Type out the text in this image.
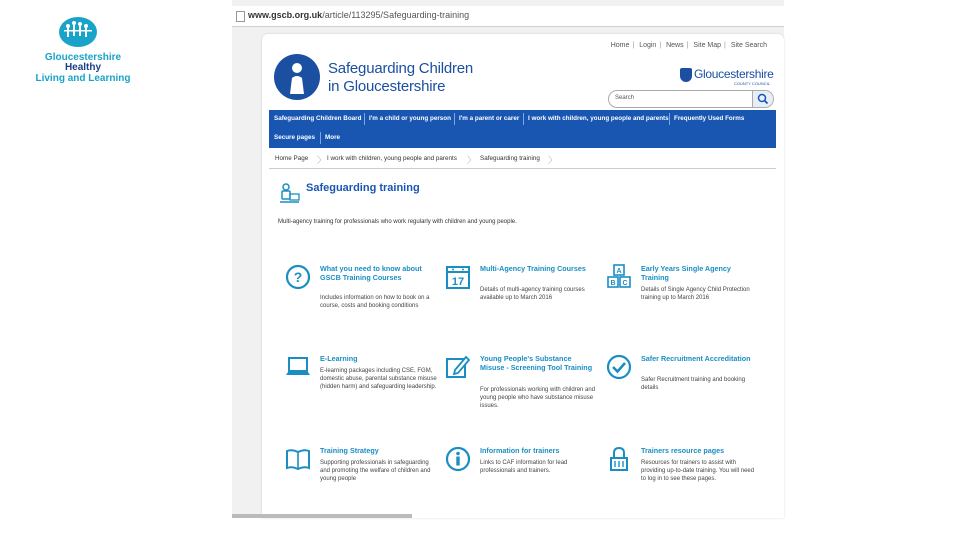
Gloucestershire
Healthy
Living and Learning
www.gscb.org.uk/article/113295/Safeguarding-training
Home | Login | News | Site Map | Site Search
Safeguarding Children
in Gloucestershire
Gloucestershire
COUNTY COUNCIL
Search
Safeguarding Children Board I'm a child or young person I'm a parent or carer I work with children, young people and parents Frequently Used Forms
Secure pages More
Home Page 〉 I work with children, young people and parents 〉 Safeguarding training 〉
Safeguarding training
Multi-agency training for professionals who work regularly with children and young people.
?
What you need to know about GSCB Training Courses
Includes information on how to book on a course, costs and booking conditions
17
Multi-Agency Training Courses
Details of multi-agency training courses available up to March 2016
A
B C
Early Years Single Agency Training
Details of Single Agency Child Protection training up to March 2016
E-Learning
E-learning packages including CSE, FGM, domestic abuse, parental substance misuse (hidden harm) and safeguarding leadership.
Young People's Substance Misuse - Screening Tool Training
For professionals working with children and young people who have substance misuse issues.
Safer Recruitment Accreditation
Safer Recruitment training and booking details
Training Strategy
Supporting professionals in safeguarding and promoting the welfare of children and young people
Information for trainers
Links to CAF information for lead professionals and trainers.
Trainers resource pages
Resources for trainers to assist with providing up-to-date training. You will need to log in to see these pages.
